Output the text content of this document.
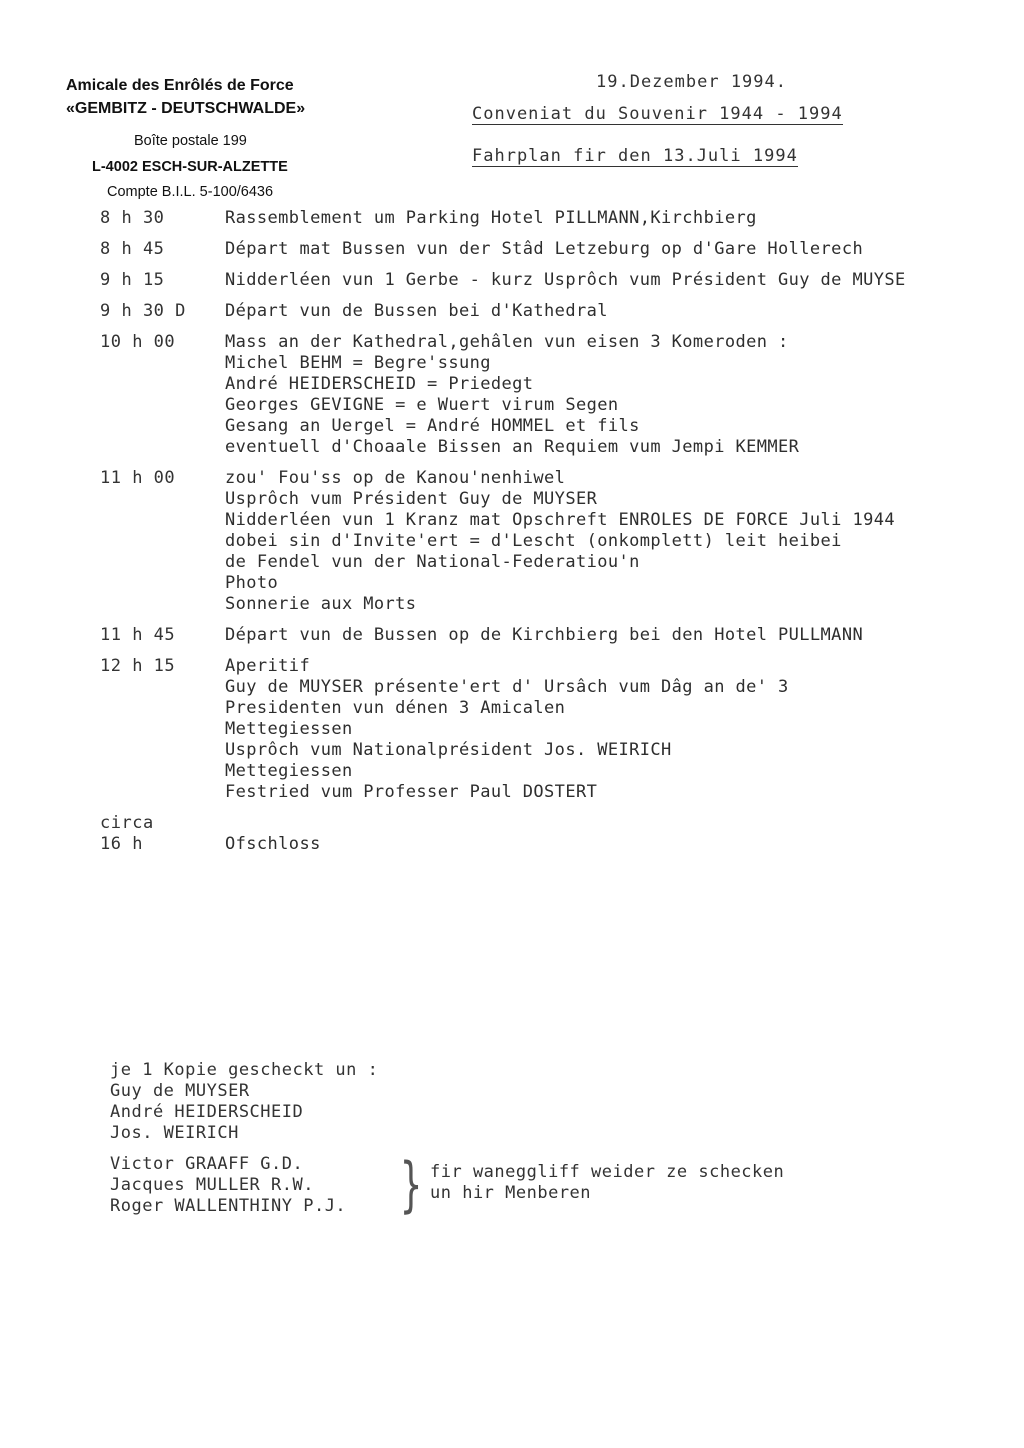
Amicale des Enrôlés de Force
«GEMBITZ - DEUTSCHWALDE»
Boîte postale 199
L-4002 ESCH-SUR-ALZETTE
Compte B.I.L. 5-100/6436
19.Dezember 1994.
Conveniat du Souvenir 1944 - 1994
Fahrplan fir den 13.Juli 1994
8 h 30	Rassemblement um Parking Hotel PILLMANN,Kirchbierg
8 h 45	Départ mat Bussen vun der Stâd Letzeburg op d'Gare Hollerech
9 h 15	Nidderléen vun 1 Gerbe - kurz Usprôch vum Président Guy de MUYSE
9 h 30 D	Départ vun de Bussen bei d'Kathedral
10 h 00	Mass an der Kathedral,gehâlen vun eisen 3 Komeroden :
Michel BEHM = Begre'ssung
André HEIDERSCHEID = Priedegt
Georges GEVIGNE = e Wuert virum Segen
Gesang an Uergel = André HOMMEL et fils
eventuell d'Choaale Bissen an Requiem vum Jempi KEMMER
11 h 00	zou' Fou'ss op de Kanou'nenhiwel
Usprôch vum Président Guy de MUYSER
Nidderléen vun 1 Kranz mat Opschreft ENROLES DE FORCE Juli 1944
dobei sin d'Invite'ert = d'Lescht (onkomplett) leit heibei
de Fendel vun der National-Federatiou'n
Photo
Sonnerie aux Morts
11 h 45	Départ vun de Bussen op de Kirchbierg bei den Hotel PULLMANN
12 h 15	Aperitif
Guy de MUYSER présente'ert d' Ursâch vum Dâg an de' 3
Presidenten vun dénen 3 Amicalen
Mettegiessen
Usprôch vum Nationalprésident Jos. WEIRICH
Mettegiessen
Festried vum Professer Paul DOSTERT
circa
16 h
	Ofschloss
je 1 Kopie gescheckt un :
Guy de MUYSER
André HEIDERSCHEID
Jos. WEIRICH
Victor GRAAFF G.D.
Jacques MULLER R.W.
Roger WALLENTHINY P.J. } fir waneggliff weider ze schecken
un hir Menberen
